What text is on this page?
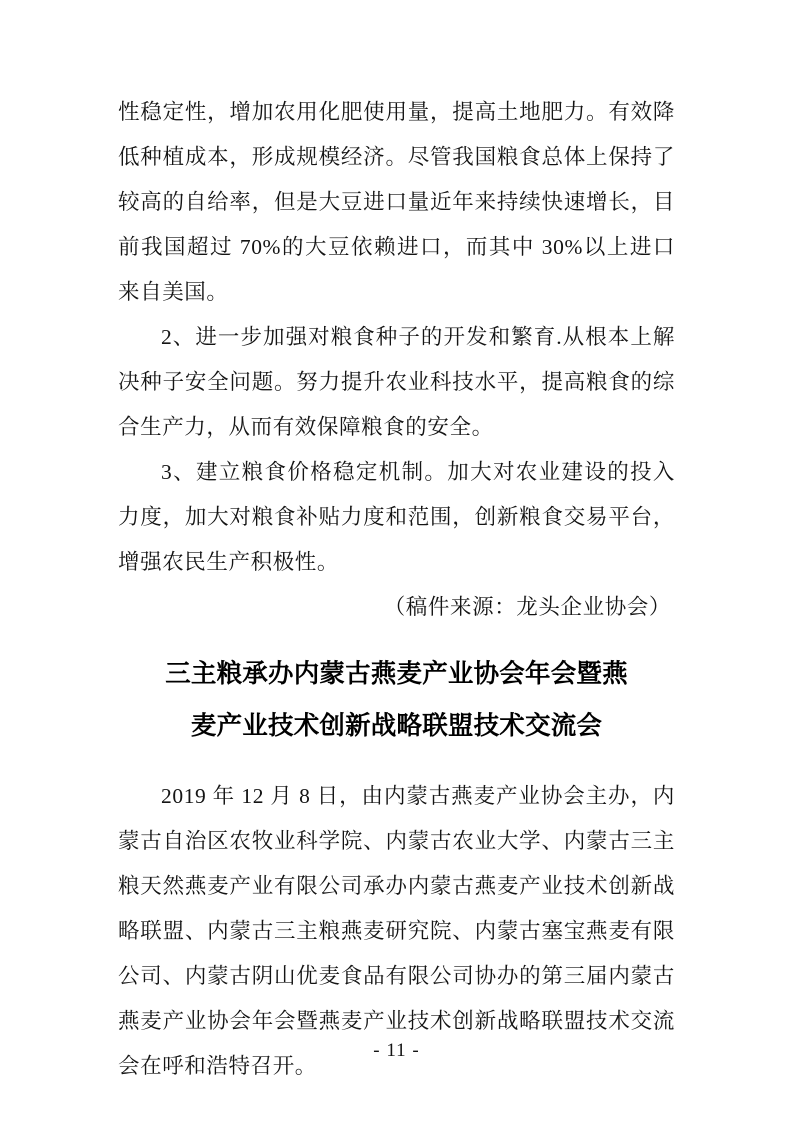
性稳定性，增加农用化肥使用量，提高土地肥力。有效降低种植成本，形成规模经济。尽管我国粮食总体上保持了较高的自给率，但是大豆进口量近年来持续快速增长，目前我国超过 70%的大豆依赖进口，而其中 30%以上进口来自美国。

2、进一步加强对粮食种子的开发和繁育.从根本上解决种子安全问题。努力提升农业科技水平，提高粮食的综合生产力，从而有效保障粮食的安全。

3、建立粮食价格稳定机制。加大对农业建设的投入力度，加大对粮食补贴力度和范围，创新粮食交易平台，增强农民生产积极性。

（稿件来源：龙头企业协会）

三主粮承办内蒙古燕麦产业协会年会暨燕
麦产业技术创新战略联盟技术交流会

2019 年 12 月 8 日，由内蒙古燕麦产业协会主办，内蒙古自治区农牧业科学院、内蒙古农业大学、内蒙古三主粮天然燕麦产业有限公司承办内蒙古燕麦产业技术创新战略联盟、内蒙古三主粮燕麦研究院、内蒙古塞宝燕麦有限公司、内蒙古阴山优麦食品有限公司协办的第三届内蒙古燕麦产业协会年会暨燕麦产业技术创新战略联盟技术交流会在呼和浩特召开。

- 11 -
